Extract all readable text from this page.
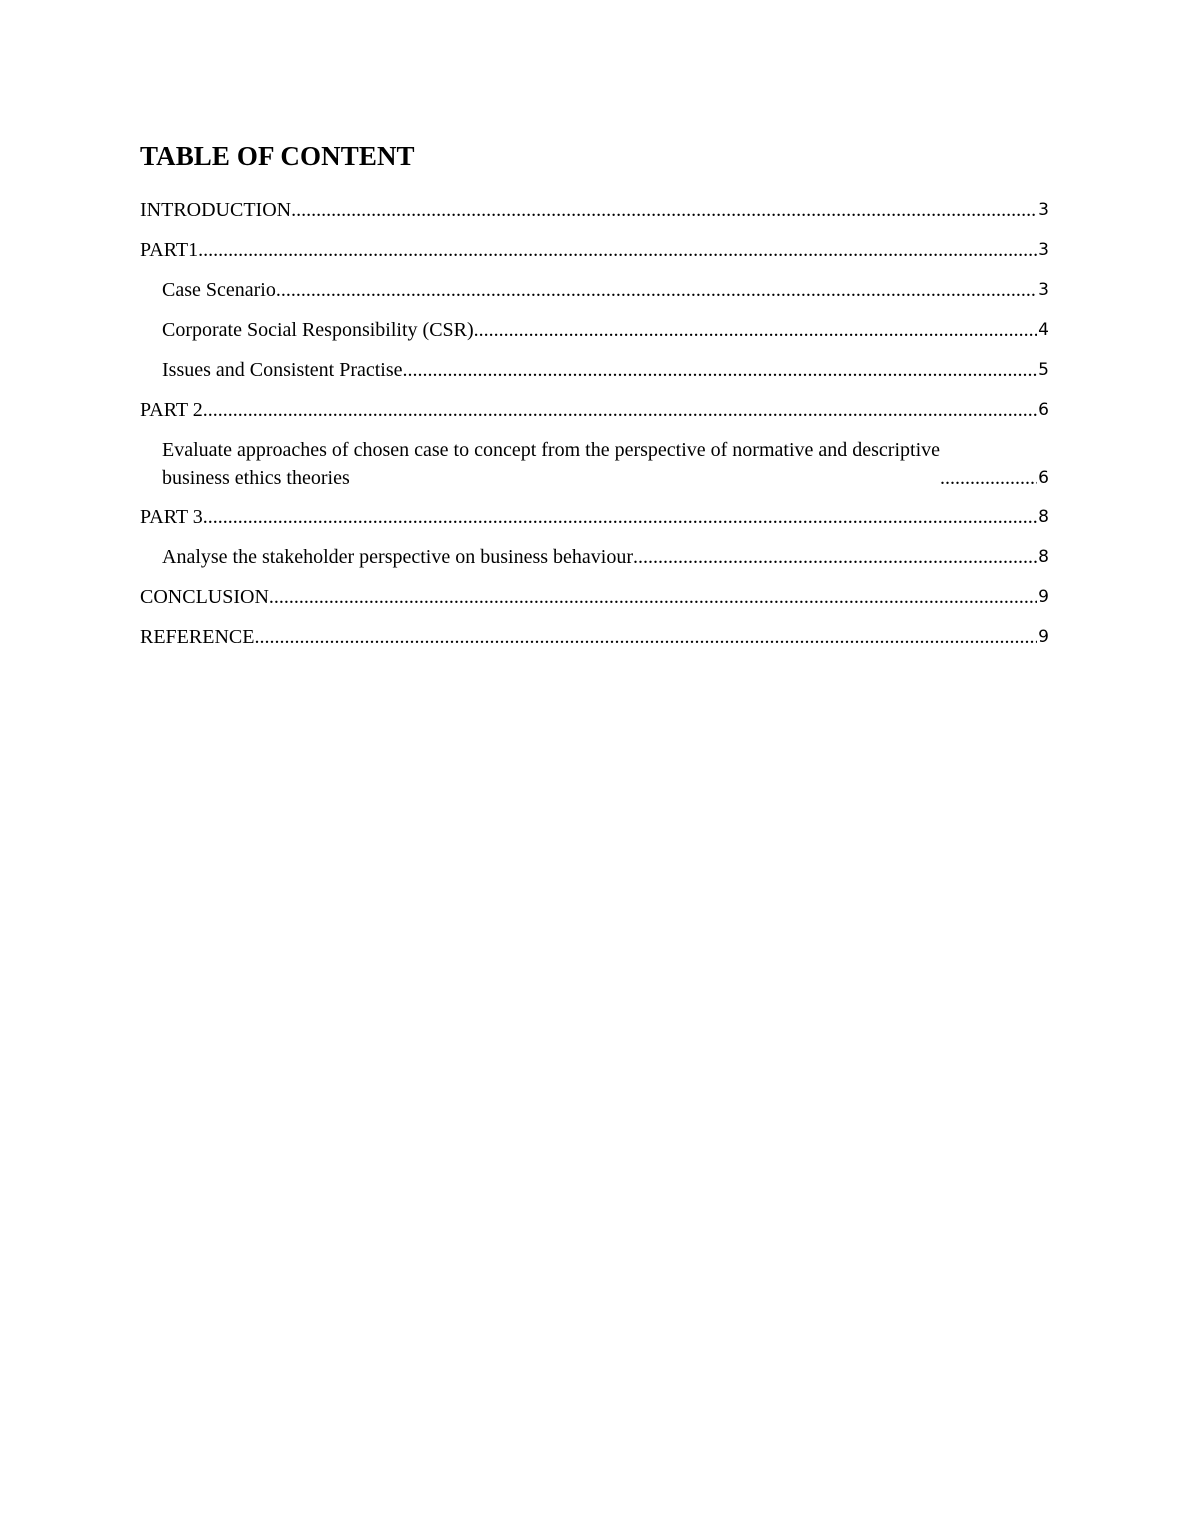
TABLE OF CONTENT
INTRODUCTION .....	3
PART1 .....	3
Case Scenario .....	3
Corporate Social Responsibility (CSR) .....	4
Issues and Consistent Practise .....	5
PART 2 .....	6
Evaluate approaches of chosen case to concept from the perspective of normative and descriptive
business ethics theories .....	6
PART 3 .....	8
Analyse the stakeholder perspective on business behaviour .....	8
CONCLUSION .....	9
REFERENCE .....	9
